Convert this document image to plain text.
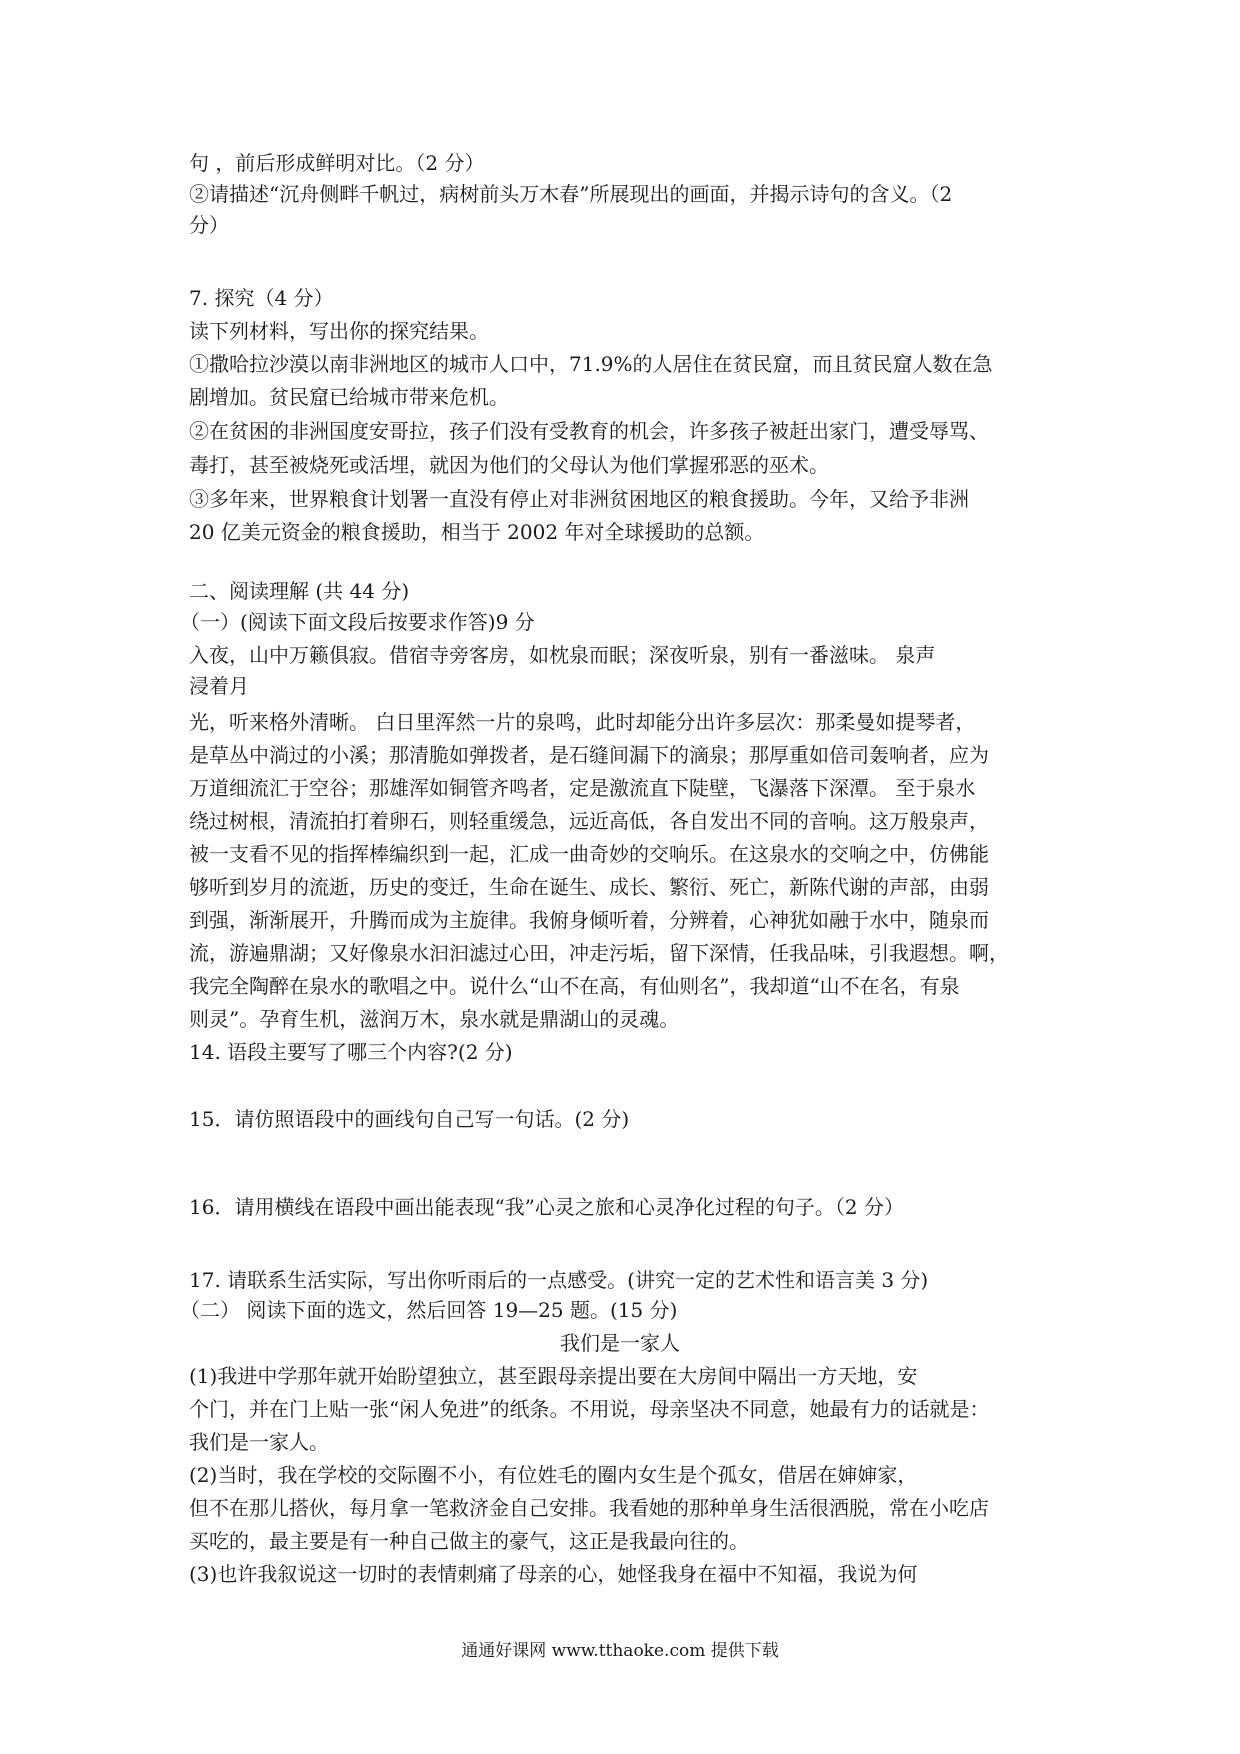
句 ，前后形成鲜明对比。（2 分）
②请描述“沉舟侧畔千帆过，病树前头万木春”所展现出的画面，并揭示诗句的含义。（2
分）
7. 探究（4 分）
读下列材料，写出你的探究结果。
①撒哈拉沙漠以南非洲地区的城市人口中，71.9%的人居住在贫民窟，而且贫民窟人数在急
剧增加。贫民窟已给城市带来危机。
②在贫困的非洲国度安哥拉，孩子们没有受教育的机会，许多孩子被赶出家门，遭受辱骂、
毒打，甚至被烧死或活埋，就因为他们的父母认为他们掌握邪恶的巫术。
③多年来，世界粮食计划署一直没有停止对非洲贫困地区的粮食援助。今年，又给予非洲
20 亿美元资金的粮食援助，相当于 2002 年对全球援助的总额。
二、阅读理解 (共 44 分)
（一）(阅读下面文段后按要求作答)9 分
入夜，山中万籁俱寂。借宿寺旁客房，如枕泉而眠；深夜听泉，别有一番滋味。 泉声
浸着月
光，听来格外清晰。 白日里浑然一片的泉鸣，此时却能分出许多层次：那柔曼如提琴者，
是草丛中淌过的小溪；那清脆如弹拨者，是石缝间漏下的滴泉；那厚重如倍司轰响者，应为
万道细流汇于空谷；那雄浑如铜管齐鸣者，定是激流直下陡壁，飞瀑落下深潭。 至于泉水
绕过树根，清流拍打着卵石，则轻重缓急，远近高低，各自发出不同的音响。这万般泉声，
被一支看不见的指挥棒编织到一起，汇成一曲奇妙的交响乐。在这泉水的交响之中，仿佛能
够听到岁月的流逝，历史的变迁，生命在诞生、成长、繁衍、死亡，新陈代谢的声部，由弱
到强，渐渐展开，升腾而成为主旋律。我俯身倾听着，分辨着，心神犹如融于水中，随泉而
流，游遍鼎湖；又好像泉水汩汩滤过心田，冲走污垢，留下深情，任我品味，引我遐想。啊，
我完全陶醉在泉水的歌唱之中。说什么“山不在高，有仙则名”，我却道“山不在名，有泉
则灵”。孕育生机，滋润万木，泉水就是鼎湖山的灵魂。
14. 语段主要写了哪三个内容?(2 分)
15．请仿照语段中的画线句自己写一句话。(2 分)
16．请用横线在语段中画出能表现“我”心灵之旅和心灵净化过程的句子。（2 分）
17. 请联系生活实际，写出你听雨后的一点感受。(讲究一定的艺术性和语言美 3 分)
（二） 阅读下面的选文，然后回答 19—25 题。(15 分)
我们是一家人
(1)我进中学那年就开始盼望独立，甚至跟母亲提出要在大房间中隔出一方天地，安
个门，并在门上贴一张“闲人免进”的纸条。不用说，母亲坚决不同意，她最有力的话就是：
我们是一家人。
(2)当时，我在学校的交际圈不小，有位姓毛的圈内女生是个孤女，借居在婶婶家，
但不在那儿搭伙，每月拿一笔救济金自己安排。我看她的那种单身生活很洒脱，常在小吃店
买吃的，最主要是有一种自己做主的豪气，这正是我最向往的。
(3)也许我叙说这一切时的表情刺痛了母亲的心，她怪我身在福中不知福，我说为何
通通好课网 www.tthaoke.com 提供下载
